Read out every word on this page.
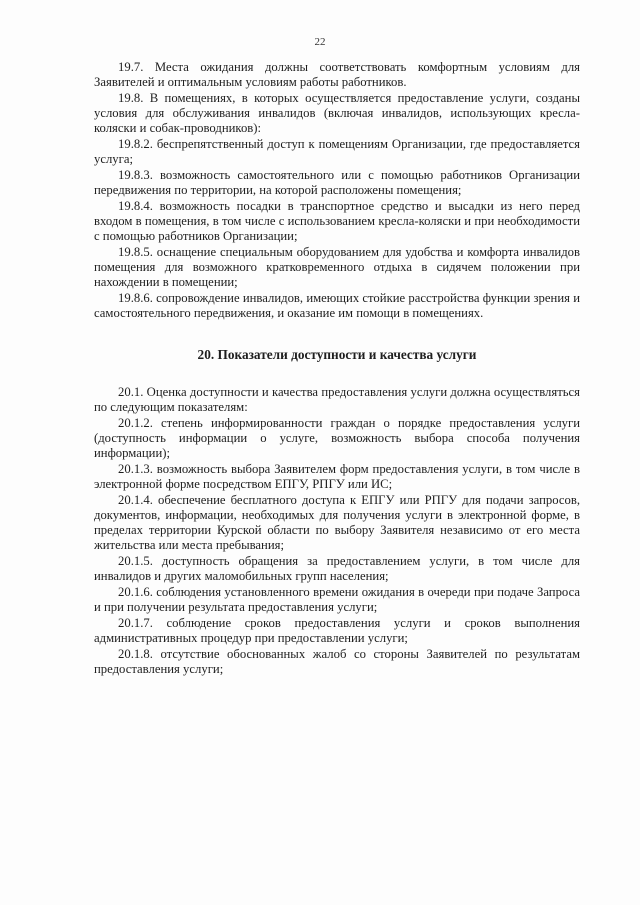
22

19.7. Места ожидания должны соответствовать комфортным условиям для Заявителей и оптимальным условиям работы работников.

19.8. В помещениях, в которых осуществляется предоставление услуги, созданы условия для обслуживания инвалидов (включая инвалидов, использующих кресла-коляски и собак-проводников):

19.8.2. беспрепятственный доступ к помещениям Организации, где предоставляется услуга;

19.8.3. возможность самостоятельного или с помощью работников Организации передвижения по территории, на которой расположены помещения;

19.8.4. возможность посадки в транспортное средство и высадки из него перед входом в помещения, в том числе с использованием кресла-коляски и при необходимости с помощью работников Организации;

19.8.5. оснащение специальным оборудованием для удобства и комфорта инвалидов помещения для возможного кратковременного отдыха в сидячем положении при нахождении в помещении;

19.8.6. сопровождение инвалидов, имеющих стойкие расстройства функции зрения и самостоятельного передвижения, и оказание им помощи в помещениях.

20. Показатели доступности и качества услуги

20.1. Оценка доступности и качества предоставления услуги должна осуществляться по следующим показателям:

20.1.2. степень информированности граждан о порядке предоставления услуги (доступность информации о услуге, возможность выбора способа получения информации);

20.1.3. возможность выбора Заявителем форм предоставления услуги, в том числе в электронной форме посредством ЕПГУ, РПГУ или ИС;

20.1.4. обеспечение бесплатного доступа к ЕПГУ или РПГУ для подачи запросов, документов, информации, необходимых для получения услуги в электронной форме, в пределах территории Курской области по выбору Заявителя независимо от его места жительства или места пребывания;

20.1.5. доступность обращения за предоставлением услуги, в том числе для инвалидов и других маломобильных групп населения;

20.1.6. соблюдения установленного времени ожидания в очереди при подаче Запроса и при получении результата предоставления услуги;

20.1.7. соблюдение сроков предоставления услуги и сроков выполнения административных процедур при предоставлении услуги;

20.1.8. отсутствие обоснованных жалоб со стороны Заявителей по результатам предоставления услуги;
